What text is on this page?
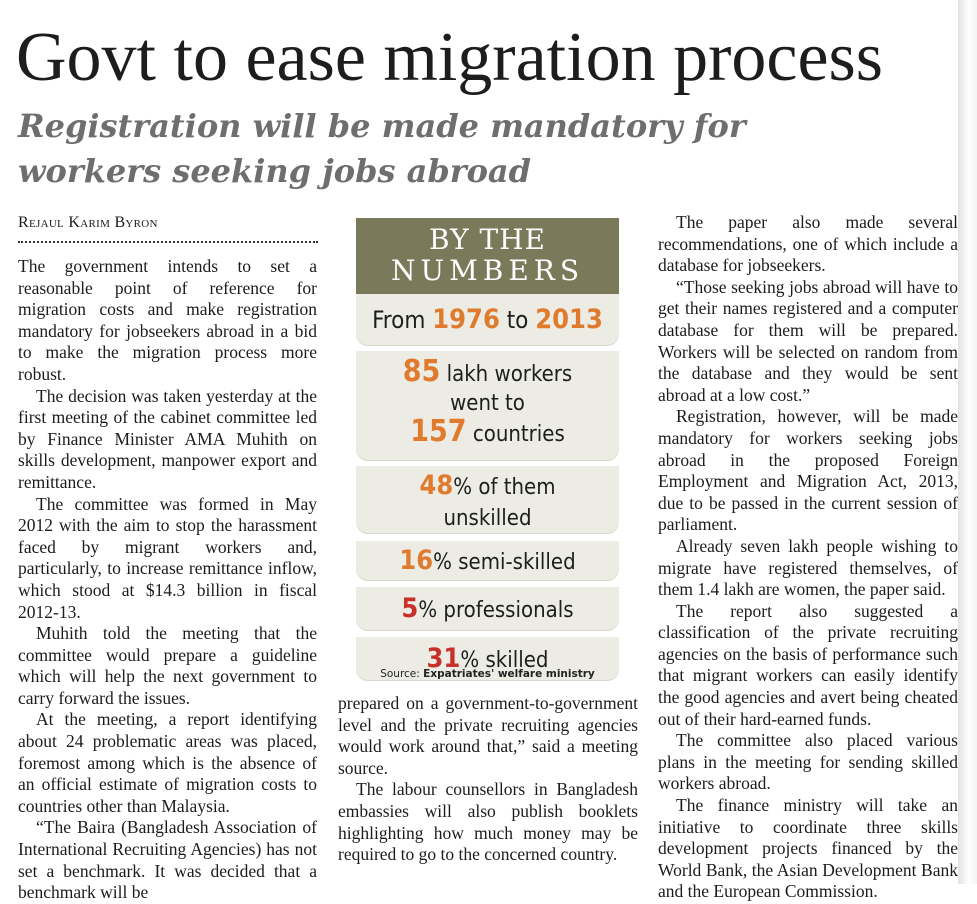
Govt to ease migration process
Registration will be made mandatory for workers seeking jobs abroad
Rejaul Karim Byron

The government intends to set a reasonable point of reference for migration costs and make registration mandatory for jobseekers abroad in a bid to make the migration process more robust.

The decision was taken yesterday at the first meeting of the cabinet committee led by Finance Minister AMA Muhith on skills development, manpower export and remittance.

The committee was formed in May 2012 with the aim to stop the harassment faced by migrant workers and, particularly, to increase remittance inflow, which stood at $14.3 billion in fiscal 2012-13.

Muhith told the meeting that the committee would prepare a guideline which will help the next government to carry forward the issues.

At the meeting, a report identifying about 24 problematic areas was placed, foremost among which is the absence of an official estimate of migration costs to countries other than Malaysia.

“The Baira (Bangladesh Association of International Recruiting Agencies) has not set a benchmark. It was decided that a benchmark will be

BY THE
NUMBERS
From 1976 to 2013
85 lakh workers
went to
157 countries
48% of them
unskilled
16% semi-skilled
5% professionals
31% skilled
Source: Expatriates' welfare ministry

prepared on a government-to-government level and the private recruiting agencies would work around that,” said a meeting source.

The labour counsellors in Bangladesh embassies will also publish booklets highlighting how much money may be required to go to the concerned country.

The paper also made several recommendations, one of which include a database for jobseekers.

“Those seeking jobs abroad will have to get their names registered and a computer database for them will be prepared. Workers will be selected on random from the database and they would be sent abroad at a low cost.”

Registration, however, will be made mandatory for workers seeking jobs abroad in the proposed Foreign Employment and Migration Act, 2013, due to be passed in the current session of parliament.

Already seven lakh people wishing to migrate have registered themselves, of them 1.4 lakh are women, the paper said.

The report also suggested a classification of the private recruiting agencies on the basis of performance such that migrant workers can easily identify the good agencies and avert being cheated out of their hard-earned funds.

The committee also placed various plans in the meeting for sending skilled workers abroad.

The finance ministry will take an initiative to coordinate three skills development projects financed by the World Bank, the Asian Development Bank and the European Commission.
